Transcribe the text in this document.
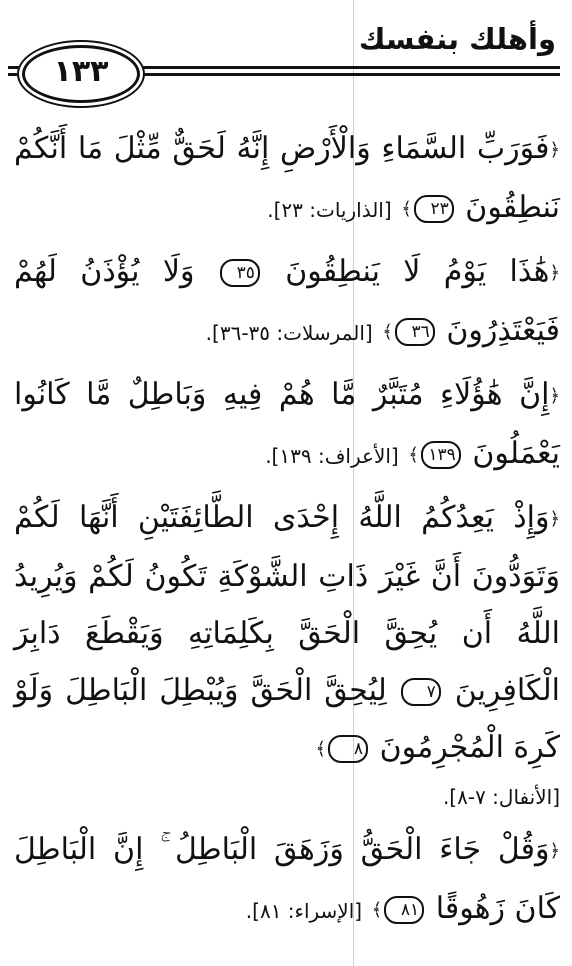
وأهلك بنفسك
١٣٣
﴿فَوَرَبِّ السَّمَاءِ وَالْأَرْضِ إِنَّهُ لَحَقٌّ مِّثْلَ مَا أَنَّكُمْ نَنطِقُونَ ٢٣﴾ [الذاريات: ٢٣].
﴿هَٰذَا يَوْمُ لَا يَنطِقُونَ ٣٥ وَلَا يُؤْذَنُ لَهُمْ فَيَعْتَذِرُونَ ٣٦﴾ [المرسلات: ٣٥-٣٦].
﴿إِنَّ هَٰؤُلَاءِ مُتَبَّرٌ مَّا هُمْ فِيهِ وَبَاطِلٌ مَّا كَانُوا يَعْمَلُونَ ١٣٩﴾ [الأعراف: ١٣٩].
﴿وَإِذْ يَعِدُكُمُ اللَّهُ إِحْدَى الطَّائِفَتَيْنِ أَنَّهَا لَكُمْ وَتَوَدُّونَ أَنَّ غَيْرَ ذَاتِ الشَّوْكَةِ تَكُونُ لَكُمْ وَيُرِيدُ اللَّهُ أَن يُحِقَّ الْحَقَّ بِكَلِمَاتِهِ وَيَقْطَعَ دَابِرَ الْكَافِرِينَ ٧ لِيُحِقَّ الْحَقَّ وَيُبْطِلَ الْبَاطِلَ وَلَوْ كَرِهَ الْمُجْرِمُونَ ٨﴾
[الأنفال: ٧-٨].
﴿وَقُلْ جَاءَ الْحَقُّ وَزَهَقَ الْبَاطِلُ ۚ إِنَّ الْبَاطِلَ كَانَ زَهُوقًا ٨١﴾ [الإسراء: ٨١].
